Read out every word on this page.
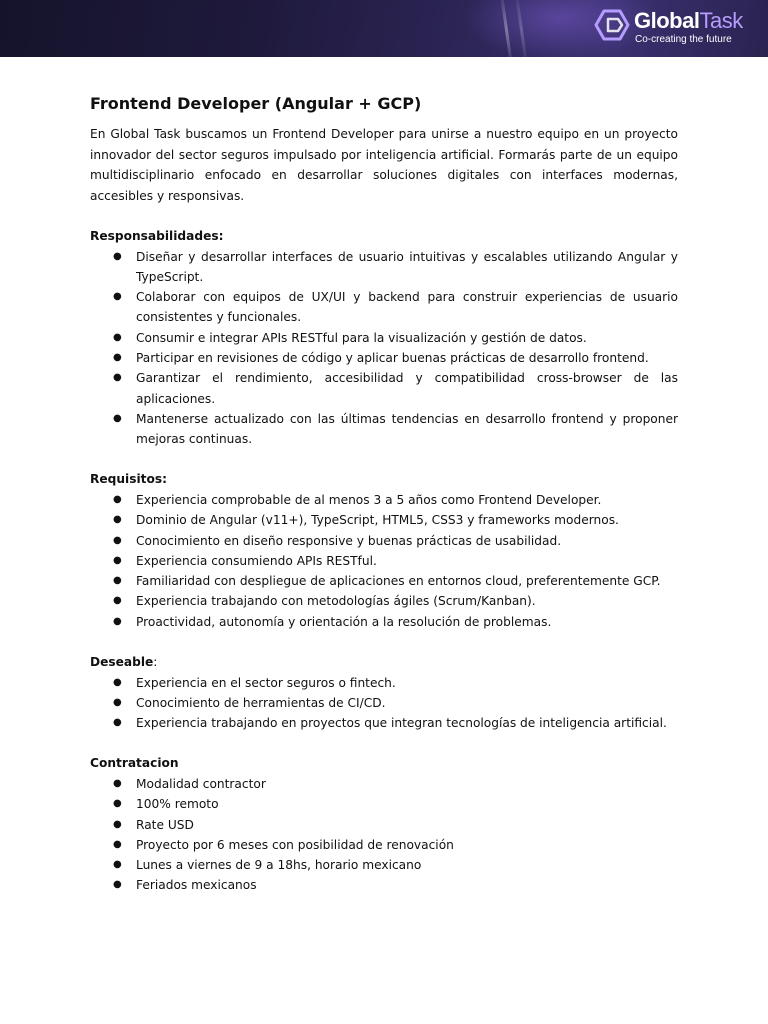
GlobalTask
Co-creating the future
Frontend Developer (Angular + GCP)

En Global Task buscamos un Frontend Developer para unirse a nuestro equipo en un proyecto innovador del sector seguros impulsado por inteligencia artificial. Formarás parte de un equipo multidisciplinario enfocado en desarrollar soluciones digitales con interfaces modernas, accesibles y responsivas.

Responsabilidades:

● Diseñar y desarrollar interfaces de usuario intuitivas y escalables utilizando Angular y TypeScript.
● Colaborar con equipos de UX/UI y backend para construir experiencias de usuario consistentes y funcionales.
● Consumir e integrar APIs RESTful para la visualización y gestión de datos.
● Participar en revisiones de código y aplicar buenas prácticas de desarrollo frontend.
● Garantizar el rendimiento, accesibilidad y compatibilidad cross-browser de las aplicaciones.
● Mantenerse actualizado con las últimas tendencias en desarrollo frontend y proponer mejoras continuas.

Requisitos:

● Experiencia comprobable de al menos 3 a 5 años como Frontend Developer.
● Dominio de Angular (v11+), TypeScript, HTML5, CSS3 y frameworks modernos.
● Conocimiento en diseño responsive y buenas prácticas de usabilidad.
● Experiencia consumiendo APIs RESTful.
● Familiaridad con despliegue de aplicaciones en entornos cloud, preferentemente GCP.
● Experiencia trabajando con metodologías ágiles (Scrum/Kanban).
● Proactividad, autonomía y orientación a la resolución de problemas.

Deseable:

● Experiencia en el sector seguros o fintech.
● Conocimiento de herramientas de CI/CD.
● Experiencia trabajando en proyectos que integran tecnologías de inteligencia artificial.

Contratacion

● Modalidad contractor
● 100% remoto
● Rate USD
● Proyecto por 6 meses con posibilidad de renovación
● Lunes a viernes de 9 a 18hs, horario mexicano
● Feriados mexicanos
